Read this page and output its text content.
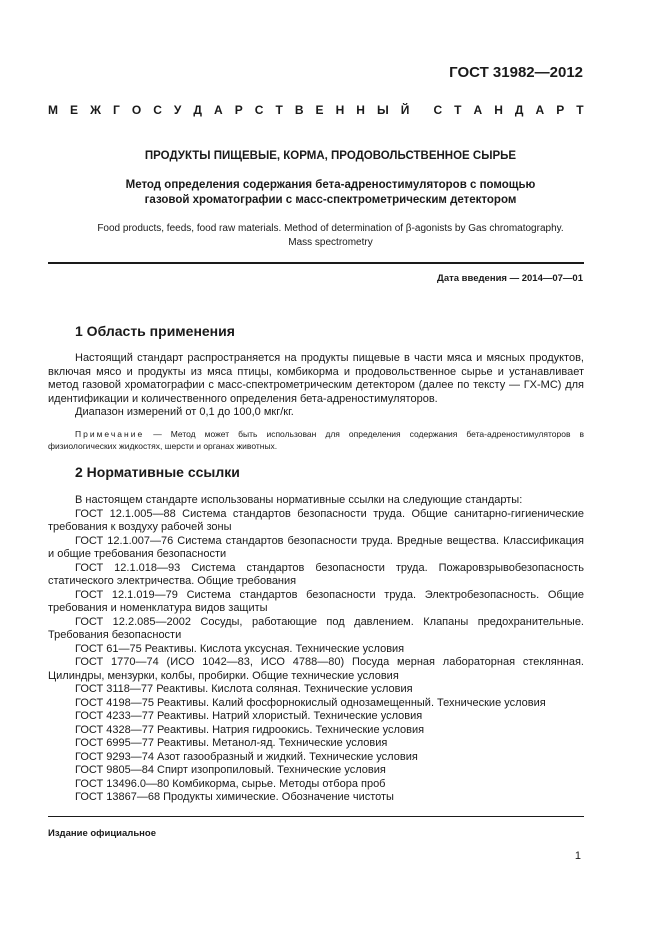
ГОСТ 31982—2012
М Е Ж Г О С У Д А Р С Т В Е Н Н Ы Й С Т А Н Д А Р Т
ПРОДУКТЫ ПИЩЕВЫЕ, КОРМА, ПРОДОВОЛЬСТВЕННОЕ СЫРЬЕ
Метод определения содержания бета-адреностимуляторов с помощью
газовой хроматографии с масс-спектрометрическим детектором
Food products, feeds, food raw materials. Method of determination of β-agonists by Gas chromatography.
Mass spectrometry
Дата введения — 2014—07—01
1 Область применения

Настоящий стандарт распространяется на продукты пищевые в части мяса и мясных продуктов, включая мясо и продукты из мяса птицы, комбикорма и продовольственное сырье и устанавливает метод газовой хроматографии с масс-спектрометрическим детектором (далее по тексту — ГХ-МС) для идентификации и количественного определения бета-адреностимуляторов.

Диапазон измерений от 0,1 до 100,0 мкг/кг.

Примечание — Метод может быть использован для определения содержания бета-адреностимуляторов в физиологических жидкостях, шерсти и органах животных.

2 Нормативные ссылки

В настоящем стандарте использованы нормативные ссылки на следующие стандарты:

ГОСТ 12.1.005—88 Система стандартов безопасности труда. Общие санитарно-гигиенические требования к воздуху рабочей зоны

ГОСТ 12.1.007—76 Система стандартов безопасности труда. Вредные вещества. Классификация и общие требования безопасности

ГОСТ 12.1.018—93 Система стандартов безопасности труда. Пожаровзрывобезопасность статического электричества. Общие требования

ГОСТ 12.1.019—79 Система стандартов безопасности труда. Электробезопасность. Общие требования и номенклатура видов защиты

ГОСТ 12.2.085—2002 Сосуды, работающие под давлением. Клапаны предохранительные. Требования безопасности

ГОСТ 61—75 Реактивы. Кислота уксусная. Технические условия

ГОСТ 1770—74 (ИСО 1042—83, ИСО 4788—80) Посуда мерная лабораторная стеклянная. Цилиндры, мензурки, колбы, пробирки. Общие технические условия

ГОСТ 3118—77 Реактивы. Кислота соляная. Технические условия

ГОСТ 4198—75 Реактивы. Калий фосфорнокислый однозамещенный. Технические условия

ГОСТ 4233—77 Реактивы. Натрий хлористый. Технические условия

ГОСТ 4328—77 Реактивы. Натрия гидроокись. Технические условия

ГОСТ 6995—77 Реактивы. Метанол-яд. Технические условия

ГОСТ 9293—74 Азот газообразный и жидкий. Технические условия

ГОСТ 9805—84 Спирт изопропиловый. Технические условия

ГОСТ 13496.0—80 Комбикорма, сырье. Методы отбора проб

ГОСТ 13867—68 Продукты химические. Обозначение чистоты

Издание официальное
1
